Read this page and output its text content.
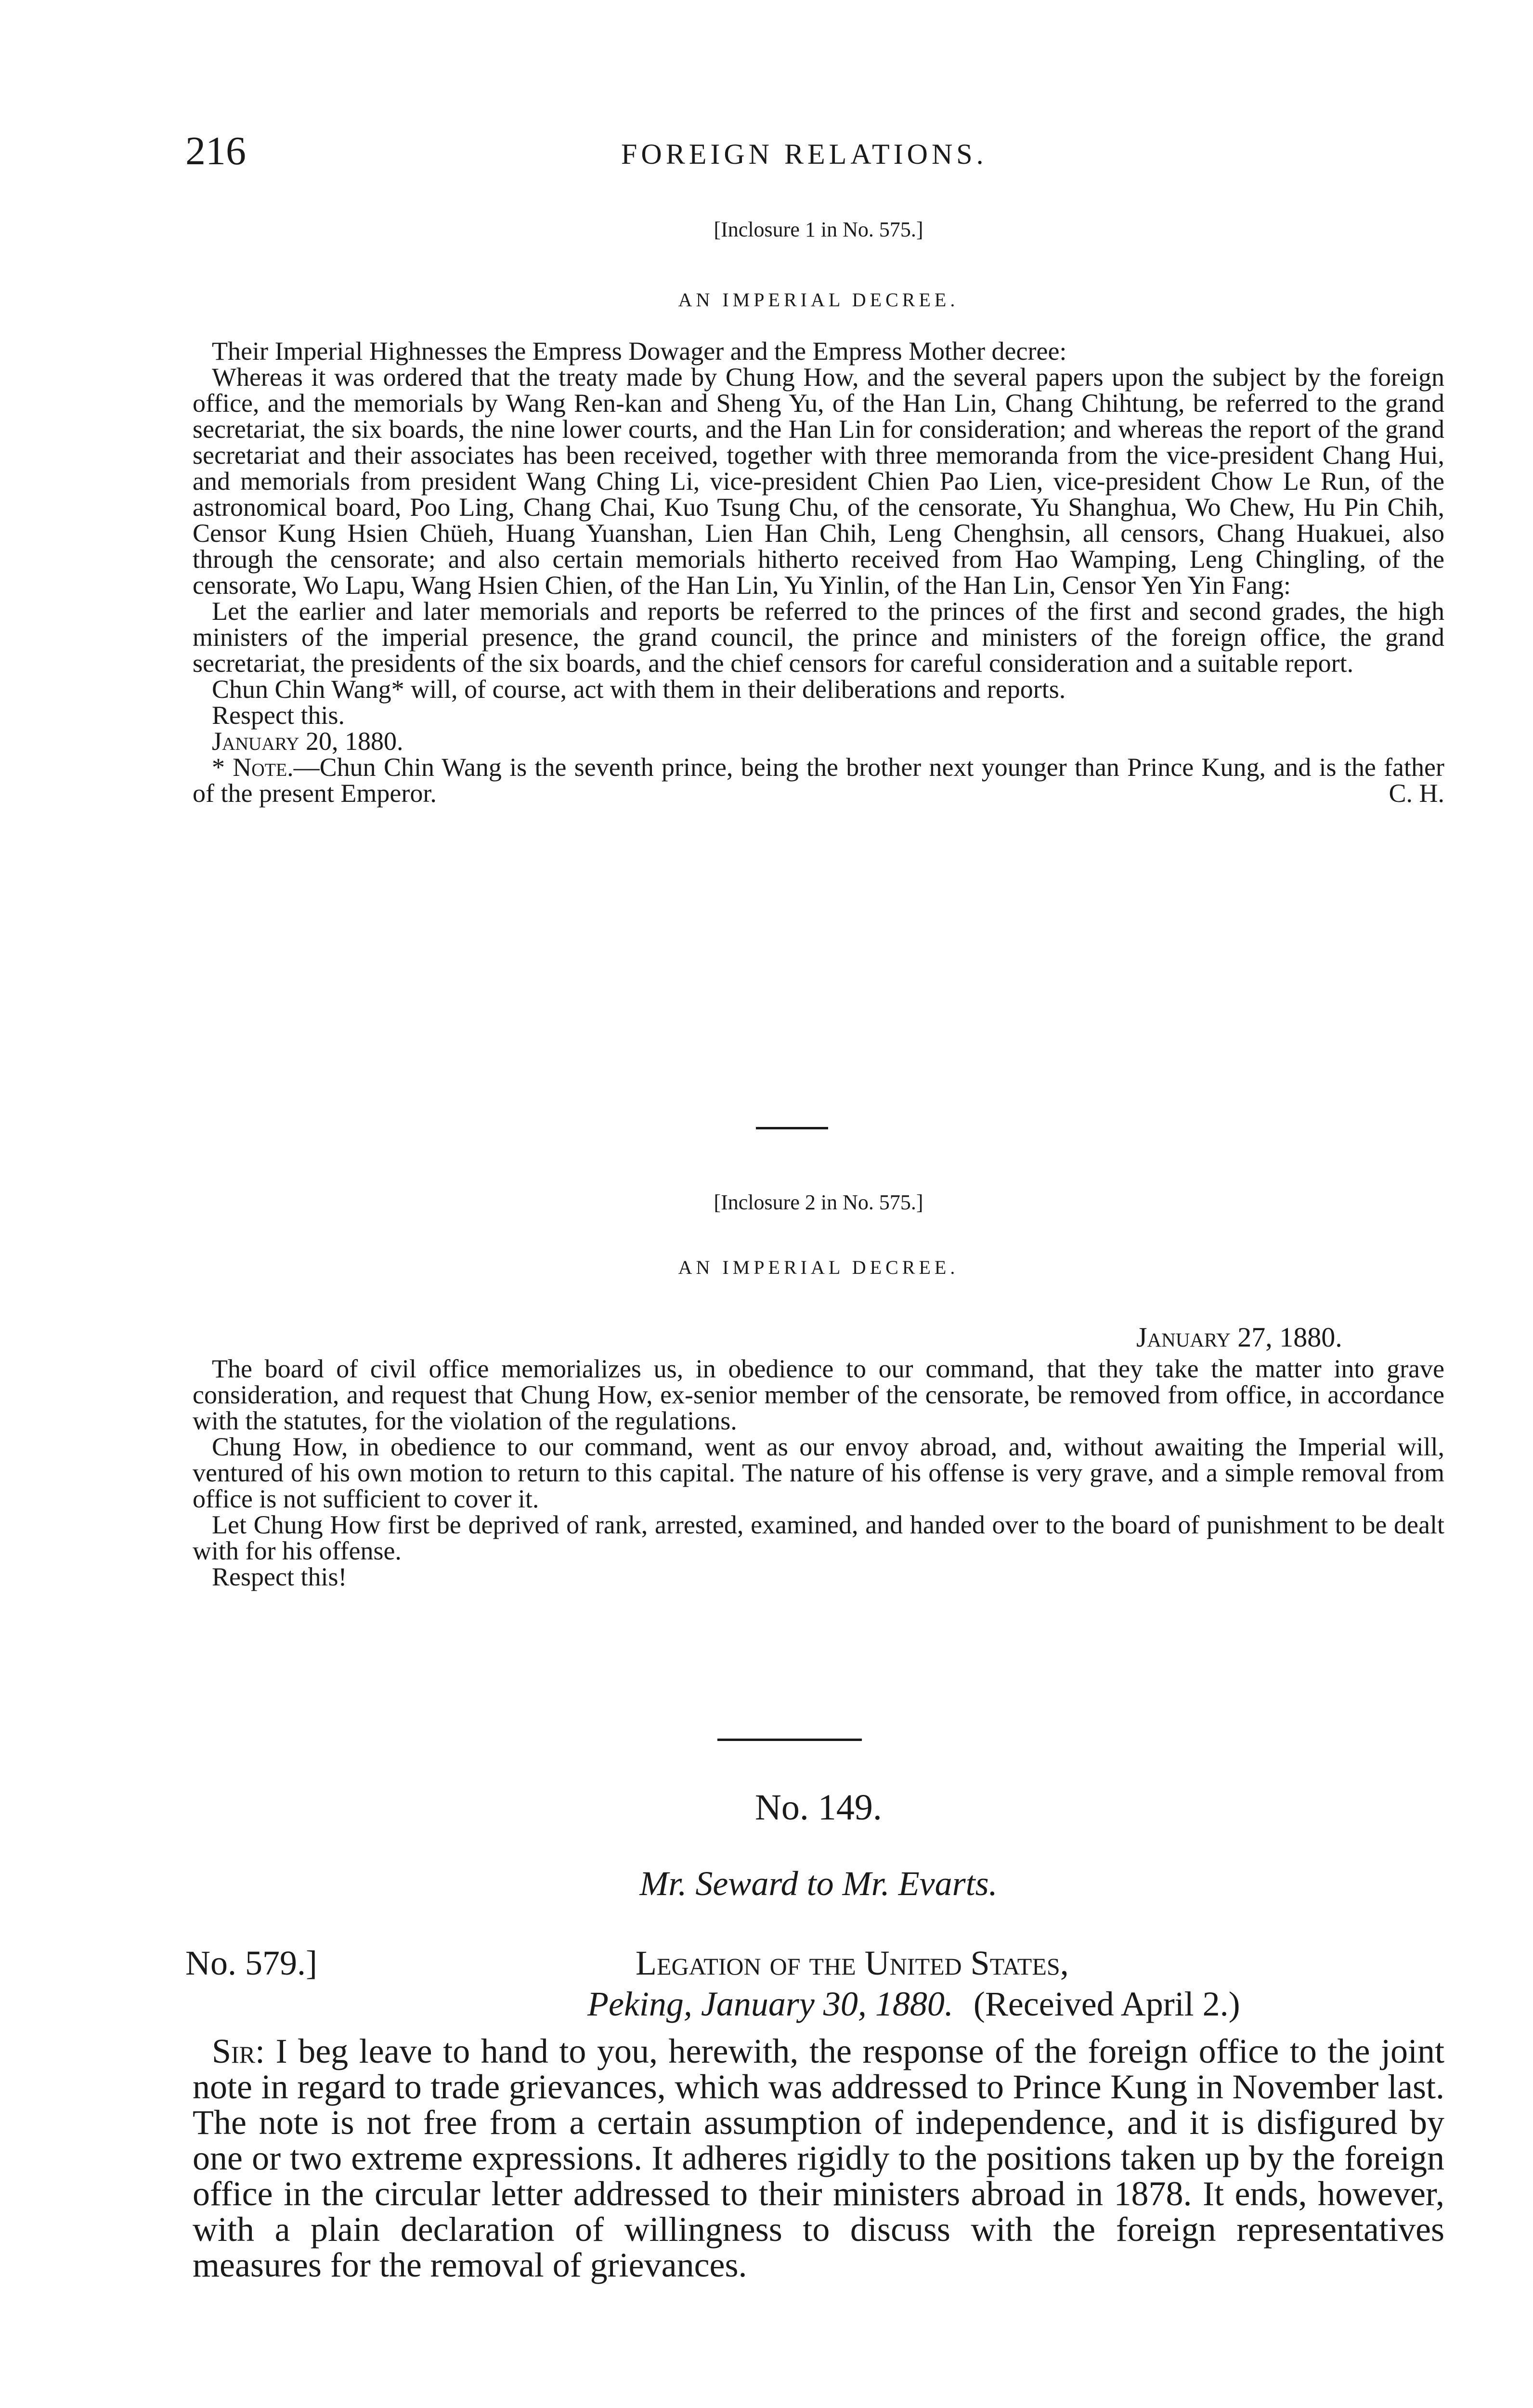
216	FOREIGN RELATIONS.
[Inclosure 1 in No. 575.]
AN IMPERIAL DECREE.

Their Imperial Highnesses the Empress Dowager and the Empress Mother decree:

Whereas it was ordered that the treaty made by Chung How, and the several papers upon the subject by the foreign office, and the memorials by Wang Ren-kan and Sheng Yu, of the Han Lin, Chang Chihtung, be referred to the grand secretariat, the six boards, the nine lower courts, and the Han Lin for consideration; and whereas the report of the grand secretariat and their associates has been received, together with three memoranda from the vice-president Chang Hui, and memorials from president Wang Ching Li, vice-president Chien Pao Lien, vice-president Chow Le Run, of the astronomical board, Poo Ling, Chang Chai, Kuo Tsung Chu, of the censorate, Yu Shanghua, Wo Chew, Hu Pin Chih, Censor Kung Hsien Chüeh, Huang Yuanshan, Lien Han Chih, Leng Chenghsin, all censors, Chang Huakuei, also through the censorate; and also certain memorials hitherto received from Hao Wamping, Leng Chingling, of the censorate, Wo Lapu, Wang Hsien Chien, of the Han Lin, Yu Yinlin, of the Han Lin, Censor Yen Yin Fang:

Let the earlier and later memorials and reports be referred to the princes of the first and second grades, the high ministers of the imperial presence, the grand council, the prince and ministers of the foreign office, the grand secretariat, the presidents of the six boards, and the chief censors for careful consideration and a suitable report.

Chun Chin Wang* will, of course, act with them in their deliberations and reports.

Respect this.

January 20, 1880.

* Note.—Chun Chin Wang is the seventh prince, being the brother next younger than Prince Kung, and is the father of the present Emperor.	C. H.

[Inclosure 2 in No. 575.]
AN IMPERIAL DECREE.
January 27, 1880.

The board of civil office memorializes us, in obedience to our command, that they take the matter into grave consideration, and request that Chung How, ex-senior member of the censorate, be removed from office, in accordance with the statutes, for the violation of the regulations.

Chung How, in obedience to our command, went as our envoy abroad, and, without awaiting the Imperial will, ventured of his own motion to return to this capital. The nature of his offense is very grave, and a simple removal from office is not sufficient to cover it.

Let Chung How first be deprived of rank, arrested, examined, and handed over to the board of punishment to be dealt with for his offense.

Respect this!

No. 149.
Mr. Seward to Mr. Evarts.
No. 579.]	Legation of the United States,
Peking, January 30, 1880. (Received April 2.)

Sir: I beg leave to hand to you, herewith, the response of the foreign office to the joint note in regard to trade grievances, which was addressed to Prince Kung in November last. The note is not free from a certain assumption of independence, and it is disfigured by one or two extreme expressions. It adheres rigidly to the positions taken up by the foreign office in the circular letter addressed to their ministers abroad in 1878. It ends, however, with a plain declaration of willingness to discuss with the foreign representatives measures for the removal of grievances.
